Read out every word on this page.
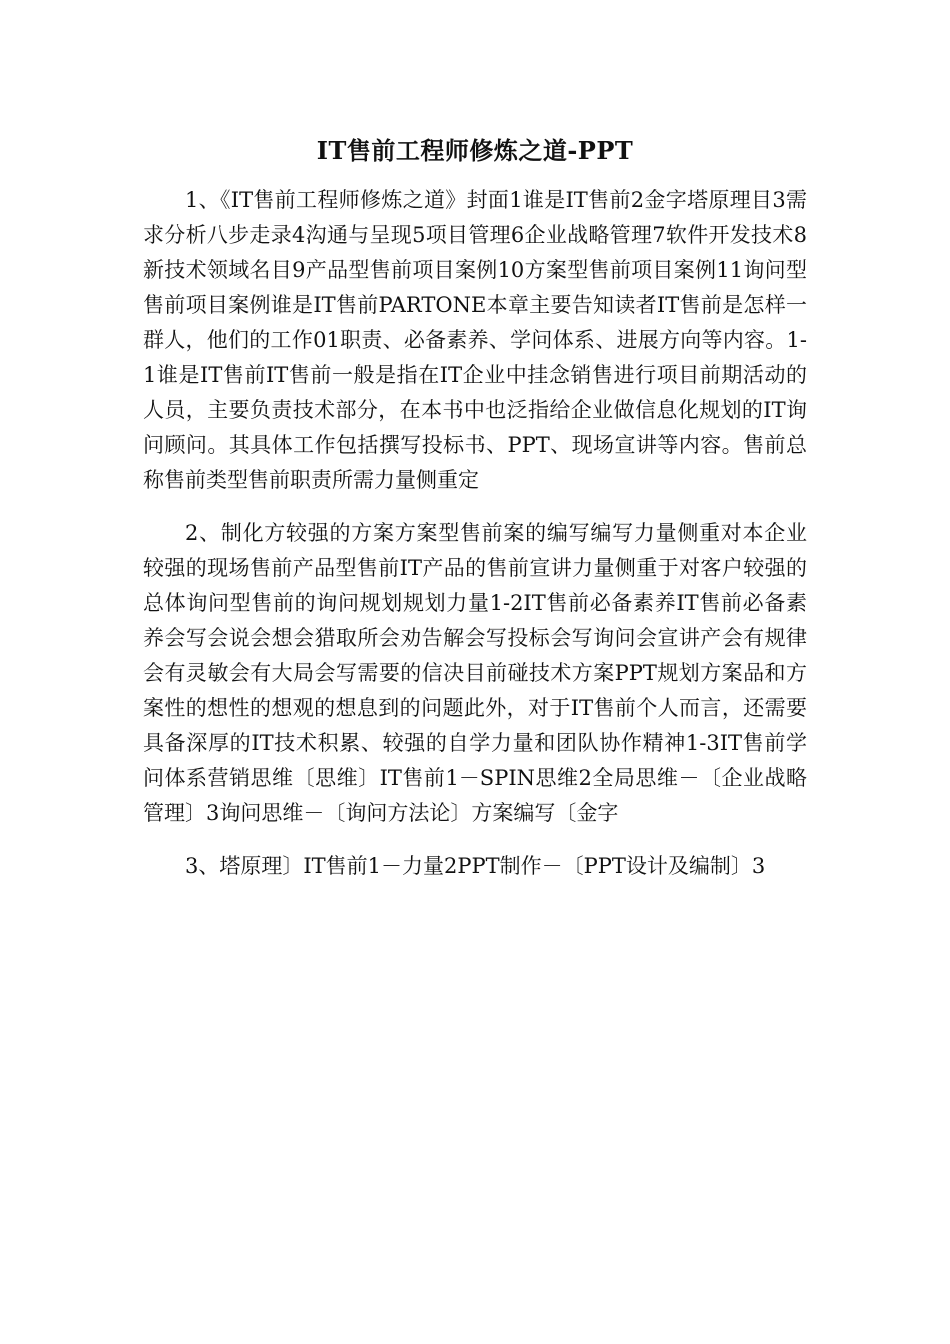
IT售前工程师修炼之道-PPT

1、《IT售前工程师修炼之道》封面1谁是IT售前2金字塔原理目3需求分析八步走录4沟通与呈现5项目管理6企业战略管理7软件开发技术8新技术领域名目9产品型售前项目案例10方案型售前项目案例11询问型售前项目案例谁是IT售前PARTONE本章主要告知读者IT售前是怎样一群人，他们的工作01职责、必备素养、学问体系、进展方向等内容。1-1谁是IT售前IT售前一般是指在IT企业中挂念销售进行项目前期活动的人员，主要负责技术部分，在本书中也泛指给企业做信息化规划的IT询问顾问。其具体工作包括撰写投标书、PPT、现场宣讲等内容。售前总称售前类型售前职责所需力量侧重定

2、制化方较强的方案方案型售前案的编写编写力量侧重对本企业较强的现场售前产品型售前IT产品的售前宣讲力量侧重于对客户较强的总体询问型售前的询问规划规划力量1-2IT售前必备素养IT售前必备素养会写会说会想会猎取所会劝告解会写投标会写询问会宣讲产会有规律会有灵敏会有大局会写需要的信决目前碰技术方案PPT规划方案品和方案性的想性的想观的想息到的问题此外，对于IT售前个人而言，还需要具备深厚的IT技术积累、较强的自学力量和团队协作精神1-3IT售前学问体系营销思维〔思维〕IT售前1－SPIN思维2全局思维－〔企业战略管理〕3询问思维－〔询问方法论〕方案编写〔金字

3、塔原理〕IT售前1－力量2PPT制作－〔PPT设计及编制〕3
